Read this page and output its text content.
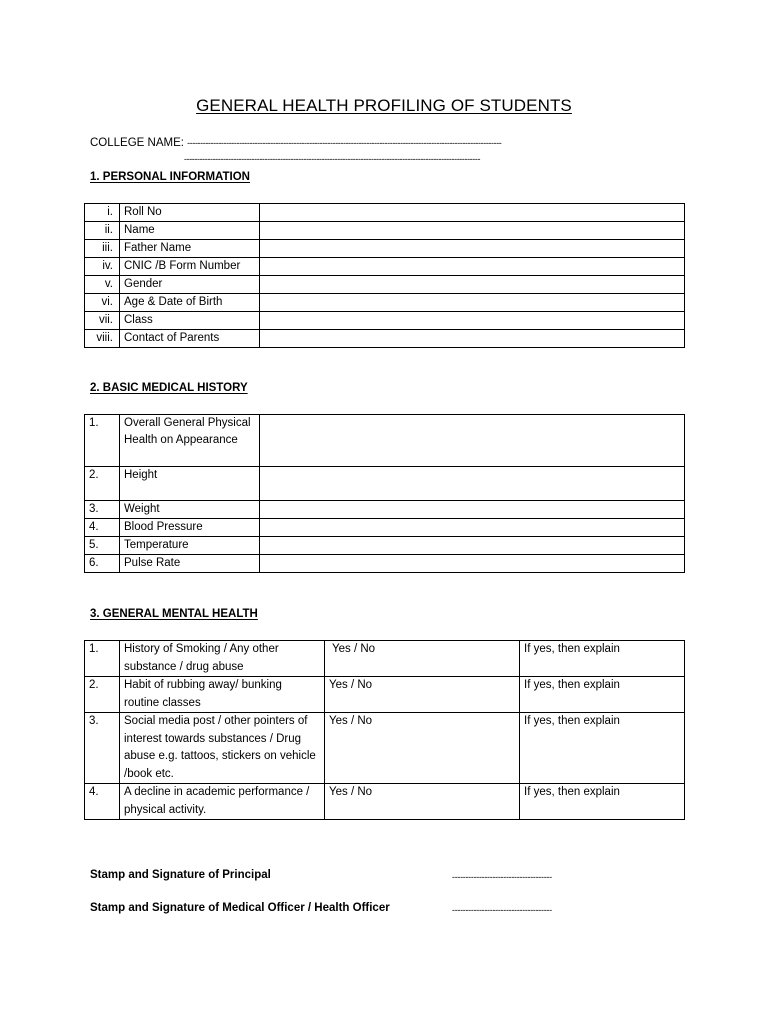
GENERAL HEALTH PROFILING OF STUDENTS
COLLEGE NAME: -------------------------------------------------------------------------------------------------------------------------
------------------------------------------------------------------------------------------------------------------
1. PERSONAL INFORMATION
i.	Roll No	
ii.	Name	
iii.	Father Name	
iv.	CNIC /B Form Number	
v.	Gender	
vi.	Age & Date of Birth	
vii.	Class	
viii.	Contact of Parents	
2. BASIC MEDICAL HISTORY
1.	Overall General Physical Health on Appearance	
2.	Height	
3.	Weight	
4.	Blood Pressure	
5.	Temperature	
6.	Pulse Rate	
3. GENERAL MENTAL HEALTH
1.	History of Smoking / Any other substance / drug abuse	Yes / No	If yes, then explain
2.	Habit of rubbing away/ bunking routine classes	Yes / No	If yes, then explain
3.	Social media post / other pointers of interest towards substances / Drug abuse e.g. tattoos, stickers on vehicle /book etc.	Yes / No	If yes, then explain
4.	A decline in academic performance / physical activity.	Yes / No	If yes, then explain
Stamp and Signature of Principal	-------------------------------------
Stamp and Signature of Medical Officer / Health Officer	-------------------------------------
